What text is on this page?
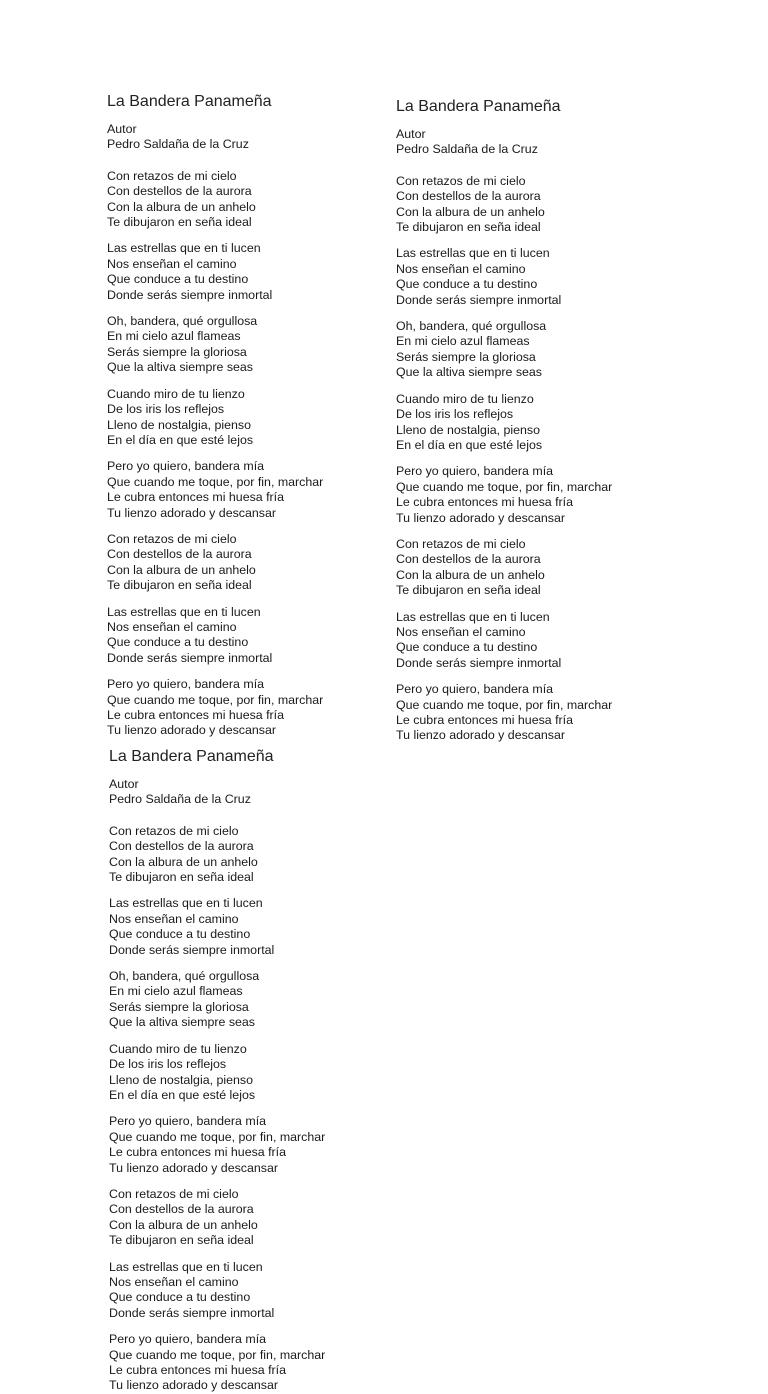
La Bandera Panameña
Autor
Pedro Saldaña de la Cruz
Con retazos de mi cielo
Con destellos de la aurora
Con la albura de un anhelo
Te dibujaron en seña ideal
Las estrellas que en ti lucen
Nos enseñan el camino
Que conduce a tu destino
Donde serás siempre inmortal
Oh, bandera, qué orgullosa
En mi cielo azul flameas
Serás siempre la gloriosa
Que la altiva siempre seas
Cuando miro de tu lienzo
De los iris los reflejos
Lleno de nostalgia, pienso
En el día en que esté lejos
Pero yo quiero, bandera mía
Que cuando me toque, por fin, marchar
Le cubra entonces mi huesa fría
Tu lienzo adorado y descansar
Con retazos de mi cielo
Con destellos de la aurora
Con la albura de un anhelo
Te dibujaron en seña ideal
Las estrellas que en ti lucen
Nos enseñan el camino
Que conduce a tu destino
Donde serás siempre inmortal
Pero yo quiero, bandera mía
Que cuando me toque, por fin, marchar
Le cubra entonces mi huesa fría
Tu lienzo adorado y descansar
La Bandera Panameña
Autor
Pedro Saldaña de la Cruz
Con retazos de mi cielo
Con destellos de la aurora
Con la albura de un anhelo
Te dibujaron en seña ideal
Las estrellas que en ti lucen
Nos enseñan el camino
Que conduce a tu destino
Donde serás siempre inmortal
Oh, bandera, qué orgullosa
En mi cielo azul flameas
Serás siempre la gloriosa
Que la altiva siempre seas
Cuando miro de tu lienzo
De los iris los reflejos
Lleno de nostalgia, pienso
En el día en que esté lejos
Pero yo quiero, bandera mía
Que cuando me toque, por fin, marchar
Le cubra entonces mi huesa fría
Tu lienzo adorado y descansar
Con retazos de mi cielo
Con destellos de la aurora
Con la albura de un anhelo
Te dibujaron en seña ideal
Las estrellas que en ti lucen
Nos enseñan el camino
Que conduce a tu destino
Donde serás siempre inmortal
Pero yo quiero, bandera mía
Que cuando me toque, por fin, marchar
Le cubra entonces mi huesa fría
Tu lienzo adorado y descansar
La Bandera Panameña
Autor
Pedro Saldaña de la Cruz
Con retazos de mi cielo
Con destellos de la aurora
Con la albura de un anhelo
Te dibujaron en seña ideal
Las estrellas que en ti lucen
Nos enseñan el camino
Que conduce a tu destino
Donde serás siempre inmortal
Oh, bandera, qué orgullosa
En mi cielo azul flameas
Serás siempre la gloriosa
Que la altiva siempre seas
Cuando miro de tu lienzo
De los iris los reflejos
Lleno de nostalgia, pienso
En el día en que esté lejos
Pero yo quiero, bandera mía
Que cuando me toque, por fin, marchar
Le cubra entonces mi huesa fría
Tu lienzo adorado y descansar
Con retazos de mi cielo
Con destellos de la aurora
Con la albura de un anhelo
Te dibujaron en seña ideal
Las estrellas que en ti lucen
Nos enseñan el camino
Que conduce a tu destino
Donde serás siempre inmortal
Pero yo quiero, bandera mía
Que cuando me toque, por fin, marchar
Le cubra entonces mi huesa fría
Tu lienzo adorado y descansar
